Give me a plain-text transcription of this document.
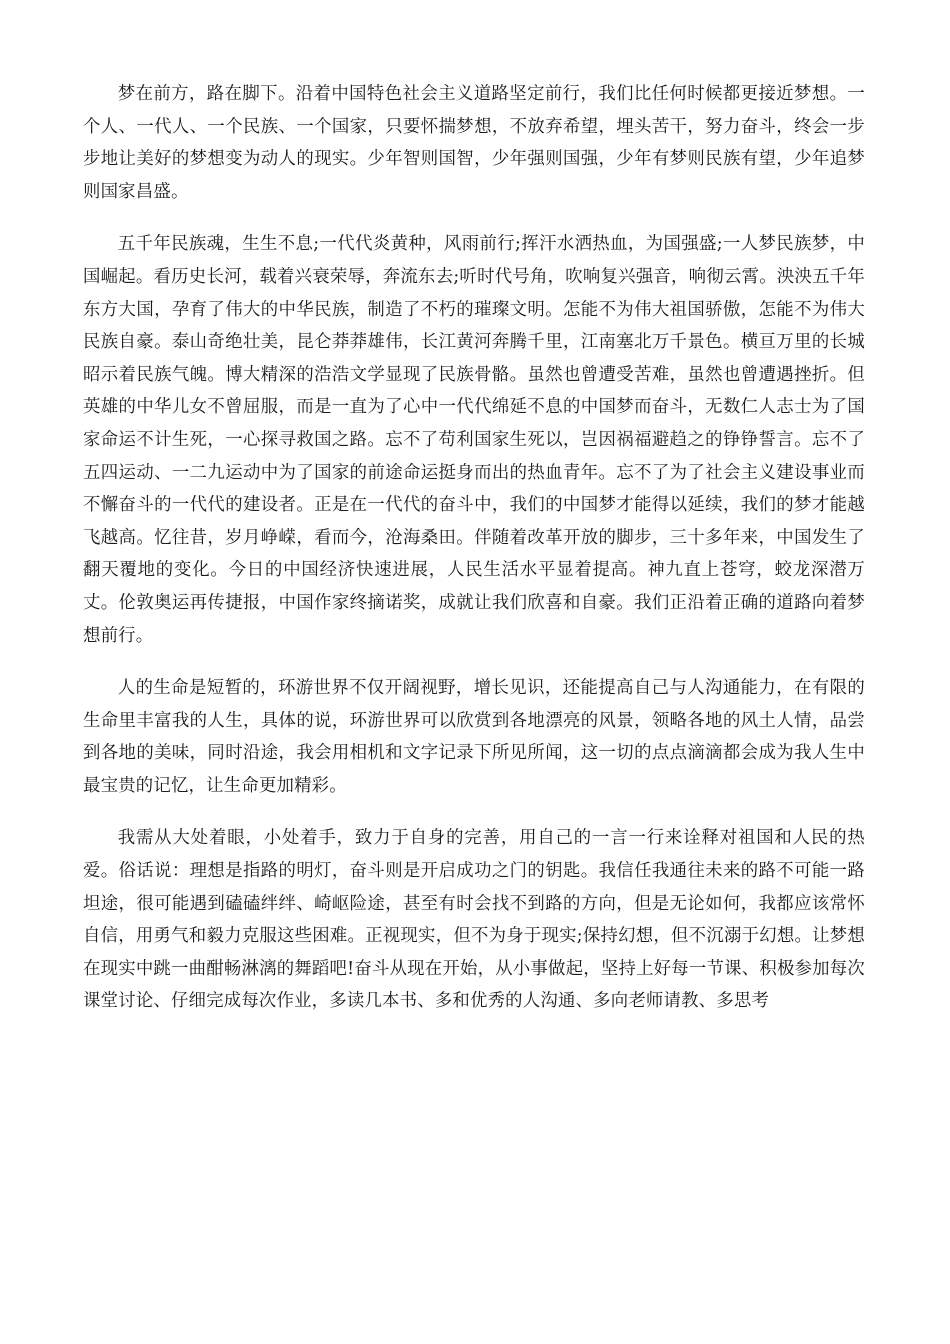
梦在前方，路在脚下。沿着中国特色社会主义道路坚定前行，我们比任何时候都更接近梦想。一个人、一代人、一个民族、一个国家，只要怀揣梦想，不放弃希望，埋头苦干，努力奋斗，终会一步步地让美好的梦想变为动人的现实。少年智则国智，少年强则国强，少年有梦则民族有望，少年追梦则国家昌盛。

五千年民族魂，生生不息;一代代炎黄种，风雨前行;挥汗水洒热血，为国强盛;一人梦民族梦，中国崛起。看历史长河，载着兴衰荣辱，奔流东去;听时代号角，吹响复兴强音，响彻云霄。泱泱五千年东方大国，孕育了伟大的中华民族，制造了不朽的璀璨文明。怎能不为伟大祖国骄傲，怎能不为伟大民族自豪。泰山奇绝壮美，昆仑莽莽雄伟，长江黄河奔腾千里，江南塞北万千景色。横亘万里的长城昭示着民族气魄。博大精深的浩浩文学显现了民族骨骼。虽然也曾遭受苦难，虽然也曾遭遇挫折。但英雄的中华儿女不曾屈服，而是一直为了心中一代代绵延不息的中国梦而奋斗，无数仁人志士为了国家命运不计生死，一心探寻救国之路。忘不了苟利国家生死以，岂因祸福避趋之的铮铮誓言。忘不了五四运动、一二九运动中为了国家的前途命运挺身而出的热血青年。忘不了为了社会主义建设事业而不懈奋斗的一代代的建设者。正是在一代代的奋斗中，我们的中国梦才能得以延续，我们的梦才能越飞越高。忆往昔，岁月峥嵘，看而今，沧海桑田。伴随着改革开放的脚步，三十多年来，中国发生了翻天覆地的变化。今日的中国经济快速进展，人民生活水平显着提高。神九直上苍穹，蛟龙深潜万丈。伦敦奥运再传捷报，中国作家终摘诺奖，成就让我们欣喜和自豪。我们正沿着正确的道路向着梦想前行。

人的生命是短暂的，环游世界不仅开阔视野，增长见识，还能提高自己与人沟通能力，在有限的生命里丰富我的人生，具体的说，环游世界可以欣赏到各地漂亮的风景，领略各地的风土人情，品尝到各地的美味，同时沿途，我会用相机和文字记录下所见所闻，这一切的点点滴滴都会成为我人生中最宝贵的记忆，让生命更加精彩。

我需从大处着眼，小处着手，致力于自身的完善，用自己的一言一行来诠释对祖国和人民的热爱。俗话说：理想是指路的明灯，奋斗则是开启成功之门的钥匙。我信任我通往未来的路不可能一路坦途，很可能遇到磕磕绊绊、崎岖险途，甚至有时会找不到路的方向，但是无论如何，我都应该常怀自信，用勇气和毅力克服这些困难。正视现实，但不为身于现实;保持幻想，但不沉溺于幻想。让梦想在现实中跳一曲酣畅淋漓的舞蹈吧!奋斗从现在开始，从小事做起，坚持上好每一节课、积极参加每次课堂讨论、仔细完成每次作业，多读几本书、多和优秀的人沟通、多向老师请教、多思考
